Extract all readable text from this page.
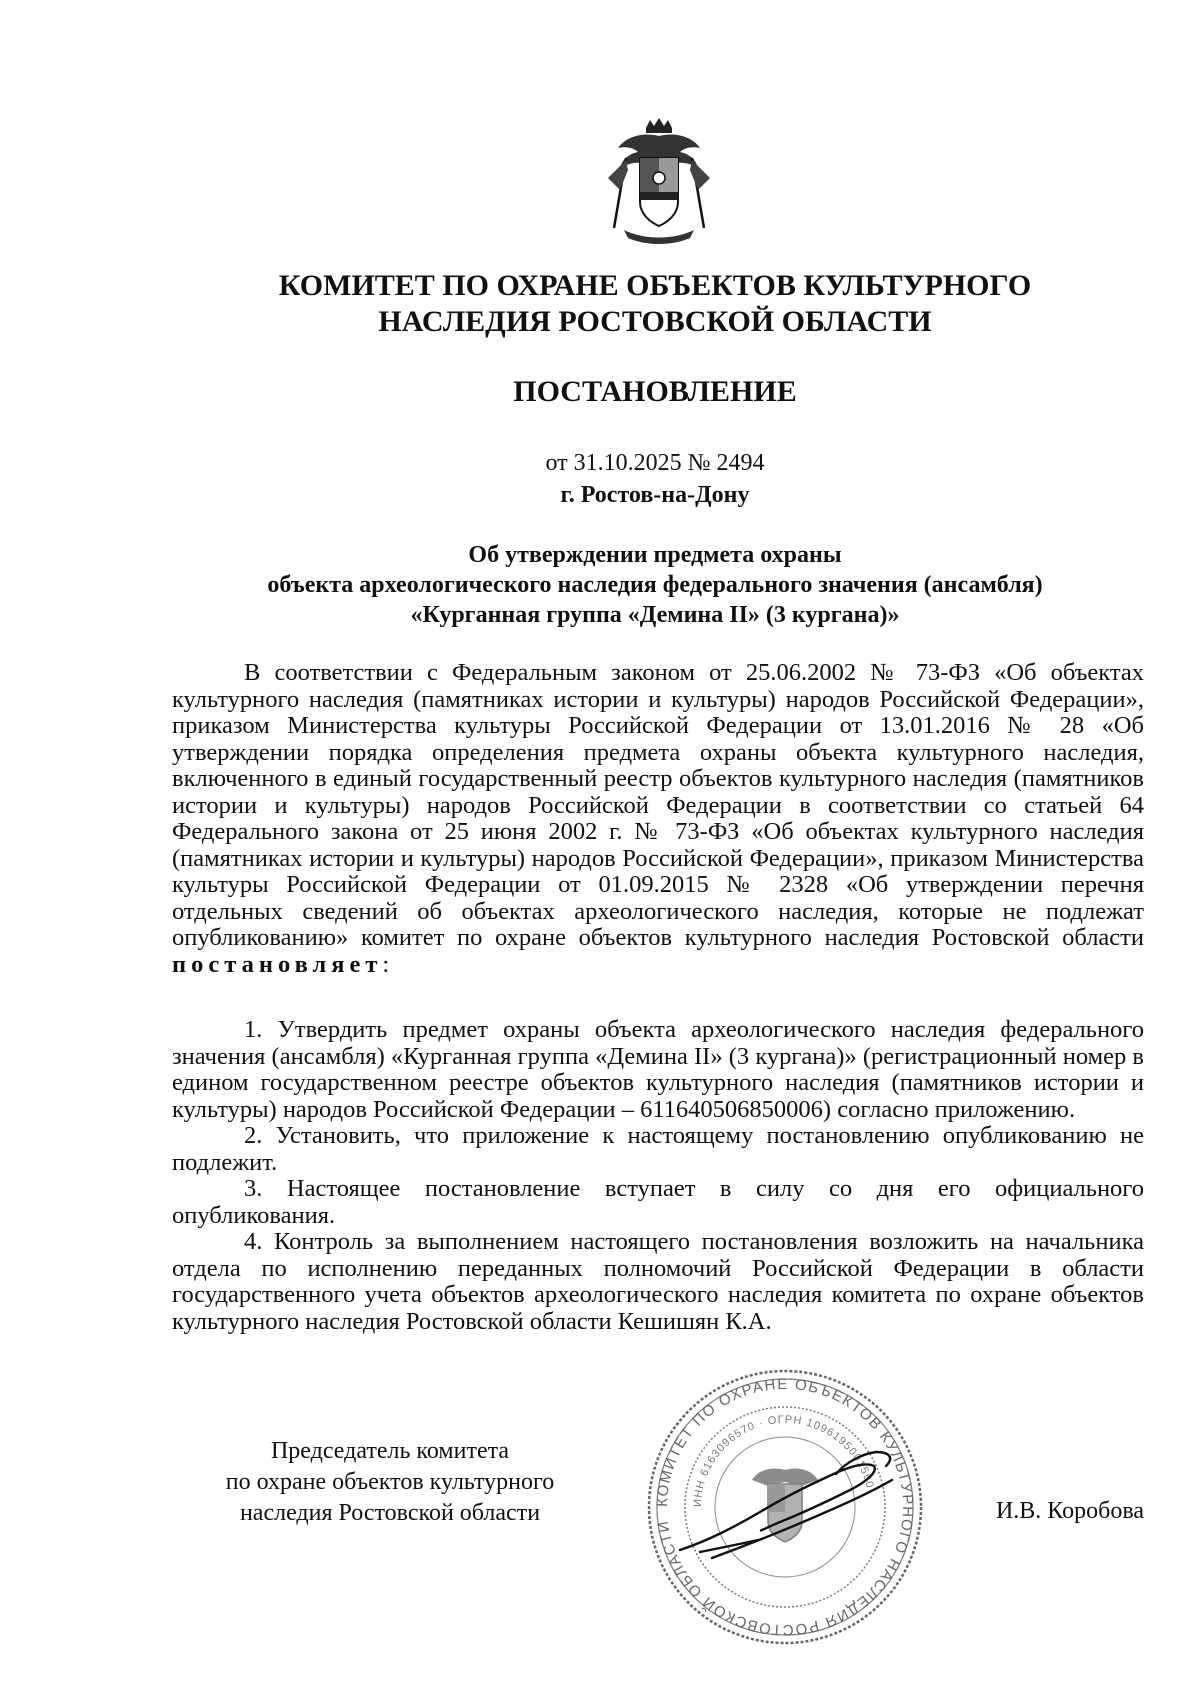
КОМИТЕТ ПО ОХРАНЕ ОБЪЕКТОВ КУЛЬТУРНОГО
НАСЛЕДИЯ РОСТОВСКОЙ ОБЛАСТИ
ПОСТАНОВЛЕНИЕ
от 31.10.2025 № 2494
г. Ростов-на-Дону
Об утверждении предмета охраны
объекта археологического наследия федерального значения (ансамбля)
«Курганная группа «Демина II» (3 кургана)»

В соответствии с Федеральным законом от 25.06.2002 № 73-ФЗ «Об объектах культурного наследия (памятниках истории и культуры) народов Российской Федерации», приказом Министерства культуры Российской Федерации от 13.01.2016 № 28 «Об утверждении порядка определения предмета охраны объекта культурного наследия, включенного в единый государственный реестр объектов культурного наследия (памятников истории и культуры) народов Российской Федерации в соответствии со статьей 64 Федерального закона от 25 июня 2002 г. № 73-ФЗ «Об объектах культурного наследия (памятниках истории и культуры) народов Российской Федерации», приказом Министерства культуры Российской Федерации от 01.09.2015 № 2328 «Об утверждении перечня отдельных сведений об объектах археологического наследия, которые не подлежат опубликованию» комитет по охране объектов культурного наследия Ростовской области постановляет:

1. Утвердить предмет охраны объекта археологического наследия федерального значения (ансамбля) «Курганная группа «Демина II» (3 кургана)» (регистрационный номер в едином государственном реестре объектов культурного наследия (памятников истории и культуры) народов Российской Федерации – 611640506850006) согласно приложению.

2. Установить, что приложение к настоящему постановлению опубликованию не подлежит.

3. Настоящее постановление вступает в силу со дня его официального опубликования.

4. Контроль за выполнением настоящего постановления возложить на начальника отдела по исполнению переданных полномочий Российской Федерации в области государственного учета объектов археологического наследия комитета по охране объектов культурного наследия Ростовской области Кешишян К.А.

Председатель комитета
по охране объектов культурного
наследия Ростовской области	КОМИТЕТ ПО ОХРАНЕ ОБЪЕКТОВ КУЛЬТУРНОГО НАСЛЕДИЯ РОСТОВСКОЙ ОБЛАСТИ
ИНН 6163096570 · ОГРН 1096195001560
И.В. Коробова
